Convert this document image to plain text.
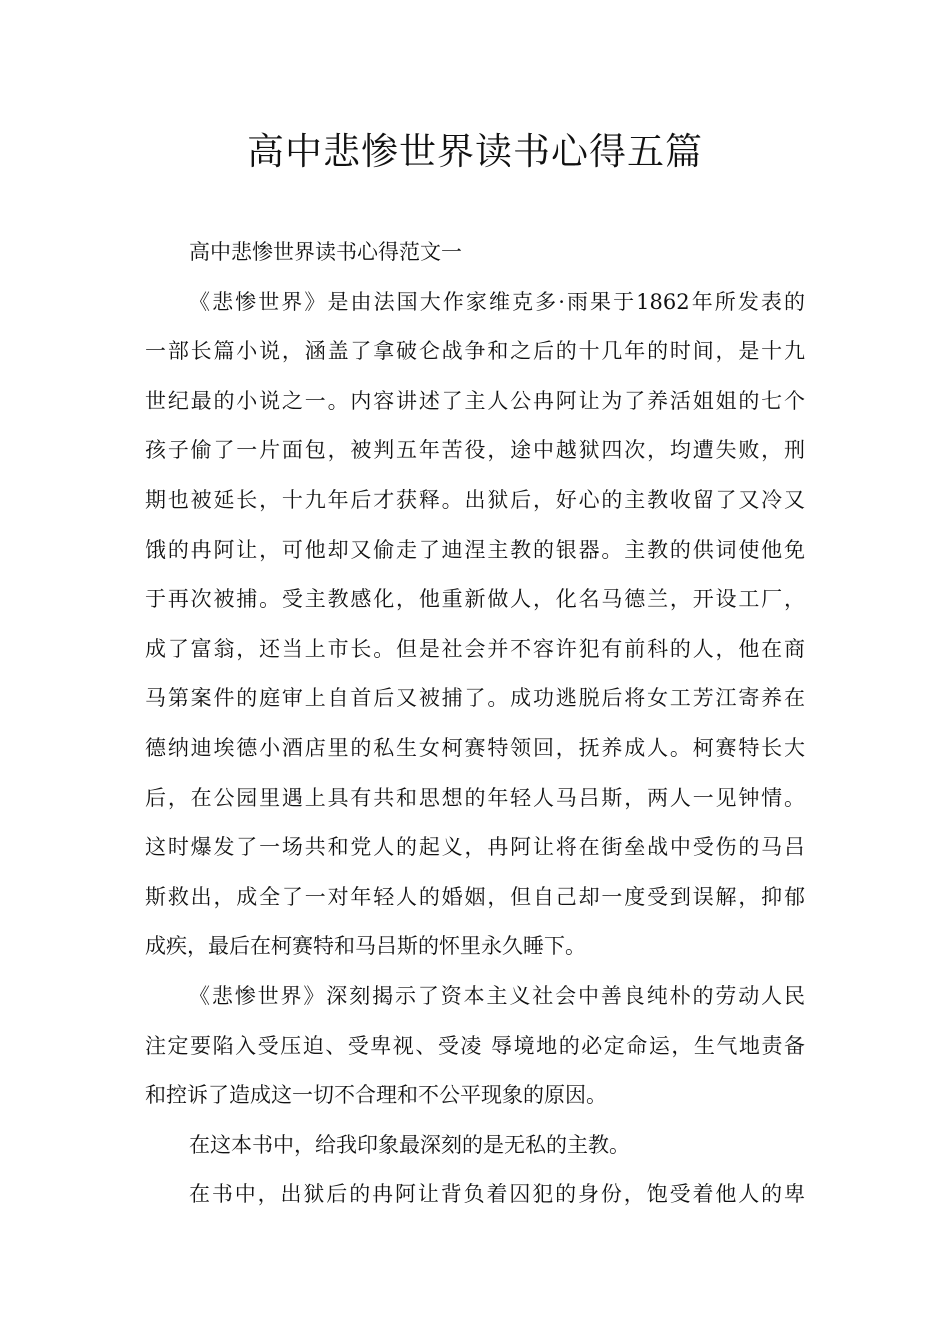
高中悲惨世界读书心得五篇
高中悲惨世界读书心得范文一
《悲惨世界》是由法国大作家维克多·雨果于1862年所发表的
一部长篇小说，涵盖了拿破仑战争和之后的十几年的时间，是十九
世纪最的小说之一。内容讲述了主人公冉阿让为了养活姐姐的七个
孩子偷了一片面包，被判五年苦役，途中越狱四次，均遭失败，刑
期也被延长，十九年后才获释。出狱后，好心的主教收留了又冷又
饿的冉阿让，可他却又偷走了迪涅主教的银器。主教的供词使他免
于再次被捕。受主教感化，他重新做人，化名马德兰，开设工厂，
成了富翁，还当上市长。但是社会并不容许犯有前科的人，他在商
马第案件的庭审上自首后又被捕了。成功逃脱后将女工芳江寄养在
德纳迪埃德小酒店里的私生女柯赛特领回，抚养成人。柯赛特长大
后，在公园里遇上具有共和思想的年轻人马吕斯，两人一见钟情。
这时爆发了一场共和党人的起义，冉阿让将在街垒战中受伤的马吕
斯救出，成全了一对年轻人的婚姻，但自己却一度受到误解，抑郁
成疾，最后在柯赛特和马吕斯的怀里永久睡下。
《悲惨世界》深刻揭示了资本主义社会中善良纯朴的劳动人民
注定要陷入受压迫、受卑视、受凌 辱境地的必定命运，生气地责备
和控诉了造成这一切不合理和不公平现象的原因。
在这本书中，给我印象最深刻的是无私的主教。
在书中，出狱后的冉阿让背负着囚犯的身份，饱受着他人的卑
